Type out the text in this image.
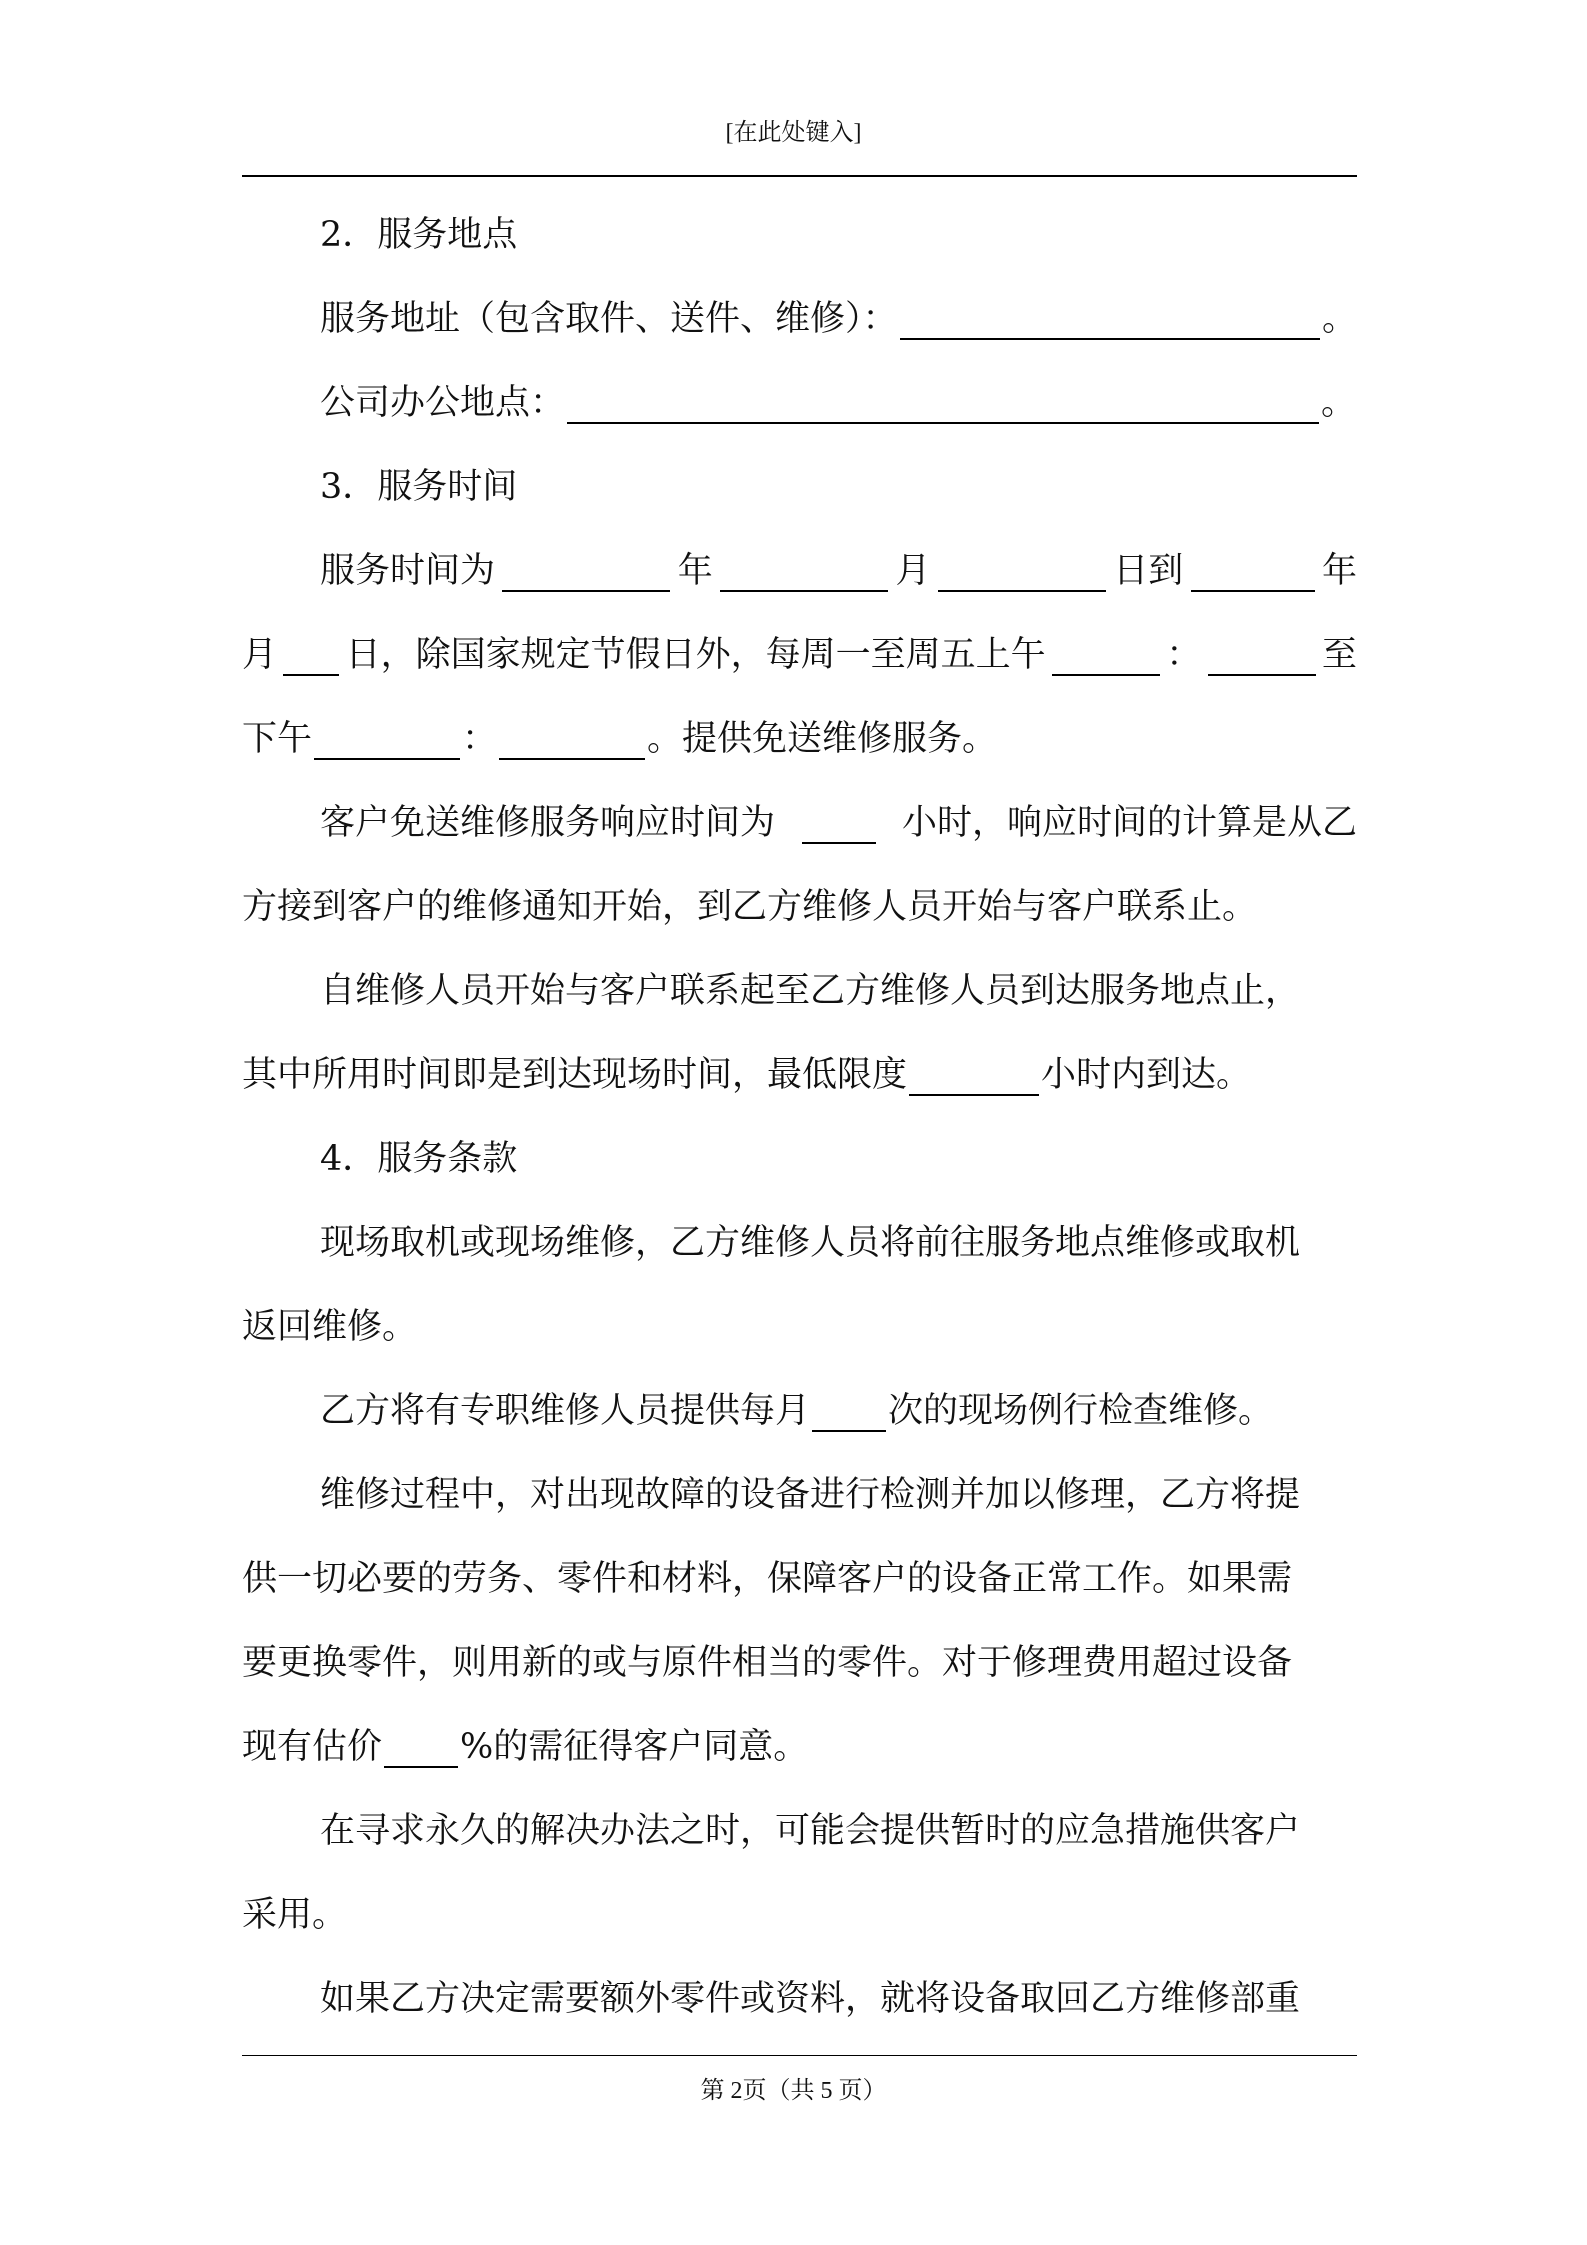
[在此处键入]
2．服务地点
服务地址（包含取件、送件、维修）：	。
公司办公地点：	。
3．服务时间
服务时间为	年	月	日到	年
月 日，除国家规定节假日外，每周一至周五上午	：	至
下午	：	。提供免送维修服务。
客户免送维修服务响应时间为	小时，响应时间的计算是从乙
方接到客户的维修通知开始，到乙方维修人员开始与客户联系止。
自维修人员开始与客户联系起至乙方维修人员到达服务地点止，
其中所用时间即是到达现场时间，最低限度	小时内到达。
4．服务条款
现场取机或现场维修，乙方维修人员将前往服务地点维修或取机
返回维修。
乙方将有专职维修人员提供每月 次的现场例行检查维修。
维修过程中，对出现故障的设备进行检测并加以修理，乙方将提
供一切必要的劳务、零件和材料，保障客户的设备正常工作。如果需
要更换零件，则用新的或与原件相当的零件。对于修理费用超过设备
现有估价 %的需征得客户同意。
在寻求永久的解决办法之时，可能会提供暂时的应急措施供客户
采用。
如果乙方决定需要额外零件或资料，就将设备取回乙方维修部重
第 2页（共 5 页）
